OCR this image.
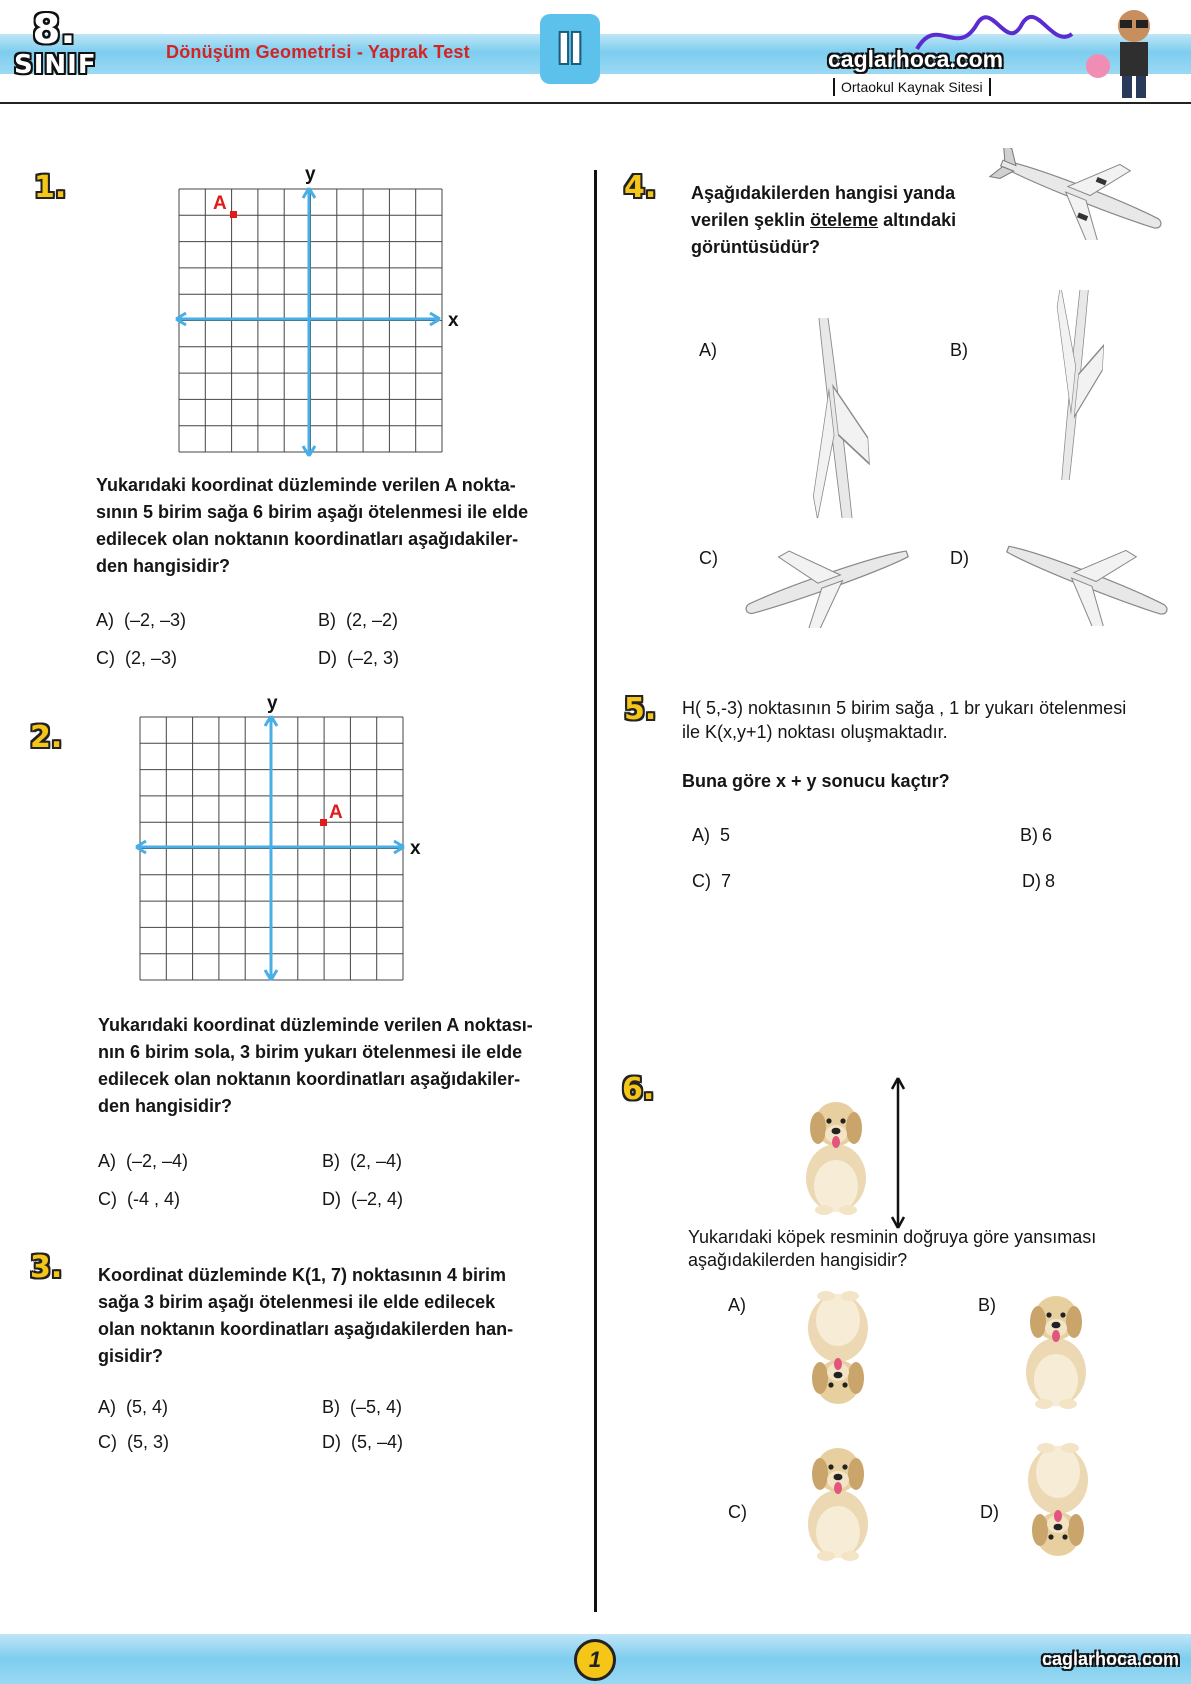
8.
SINIF	Dönüşüm Geometrisi - Yaprak Test	II	caglarhoca.com
Ortaokul Kaynak Sitesi
1.	A
x
y
Yukarıdaki koordinat düzleminde verilen A nokta-
sının 5 birim sağa 6 birim aşağı ötelenmesi ile elde
edilecek olan noktanın koordinatları aşağıdakiler-
den hangisidir?
A) (–2, –3)	B) (2, –2)
C) (2, –3)	D) (–2, 3)
2.
A
x
y
Yukarıdaki koordinat düzleminde verilen A noktası-
nın 6 birim sola, 3 birim yukarı ötelenmesi ile elde
edilecek olan noktanın koordinatları aşağıdakiler-
den hangisidir?
A) (–2, –4)	B) (2, –4)
C) (-4 , 4)	D) (–2, 4)
3. Koordinat düzleminde K(1, 7) noktasının 4 birim
sağa 3 birim aşağı ötelenmesi ile elde edilecek
olan noktanın koordinatları aşağıdakilerden han-
gisidir?
A) (5, 4)	B) (–5, 4)
C) (5, 3)	D) (5, –4)
4. Aşağıdakilerden hangisi yanda
verilen şeklin öteleme altındaki
görüntüsüdür?
A)	B)
C)	D)
5. H( 5,-3) noktasının 5 birim sağa , 1 br yukarı ötelenmesi
ile K(x,y+1) noktası oluşmaktadır.
Buna göre x + y sonucu kaçtır?
A) 5	B) 6
C) 7	D) 8
6.
Yukarıdaki köpek resminin doğruya göre yansıması
aşağıdakilerden hangisidir?
A)	B)
C)	D)
1	caglarhoca.com
